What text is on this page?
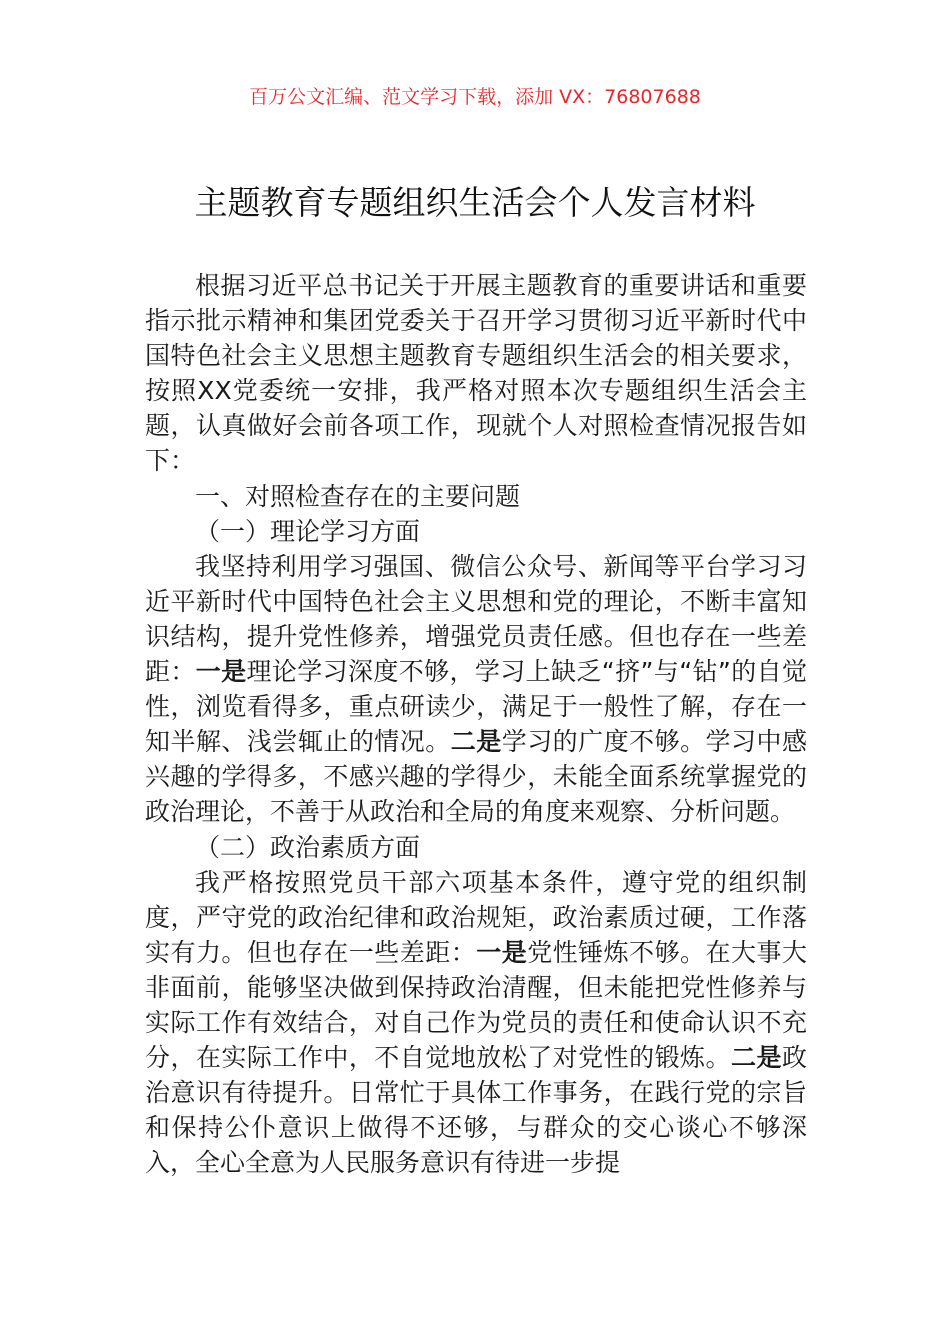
百万公文汇编、范文学习下载，添加 VX：76807688
主题教育专题组织生活会个人发言材料

根据习近平总书记关于开展主题教育的重要讲话和重要指示批示精神和集团党委关于召开学习贯彻习近平新时代中国特色社会主义思想主题教育专题组织生活会的相关要求，按照XX党委统一安排，我严格对照本次专题组织生活会主题，认真做好会前各项工作，现就个人对照检查情况报告如下：

一、对照检查存在的主要问题

（一）理论学习方面

我坚持利用学习强国、微信公众号、新闻等平台学习习近平新时代中国特色社会主义思想和党的理论，不断丰富知识结构，提升党性修养，增强党员责任感。但也存在一些差距：一是理论学习深度不够，学习上缺乏“挤”与“钻”的自觉性，浏览看得多，重点研读少，满足于一般性了解，存在一知半解、浅尝辄止的情况。二是学习的广度不够。学习中感兴趣的学得多，不感兴趣的学得少，未能全面系统掌握党的政治理论，不善于从政治和全局的角度来观察、分析问题。

（二）政治素质方面

我严格按照党员干部六项基本条件，遵守党的组织制度，严守党的政治纪律和政治规矩，政治素质过硬，工作落实有力。但也存在一些差距：一是党性锤炼不够。在大事大非面前，能够坚决做到保持政治清醒，但未能把党性修养与实际工作有效结合，对自己作为党员的责任和使命认识不充分，在实际工作中，不自觉地放松了对党性的锻炼。二是政治意识有待提升。日常忙于具体工作事务，在践行党的宗旨和保持公仆意识上做得不还够，与群众的交心谈心不够深入，全心全意为人民服务意识有待进一步提
